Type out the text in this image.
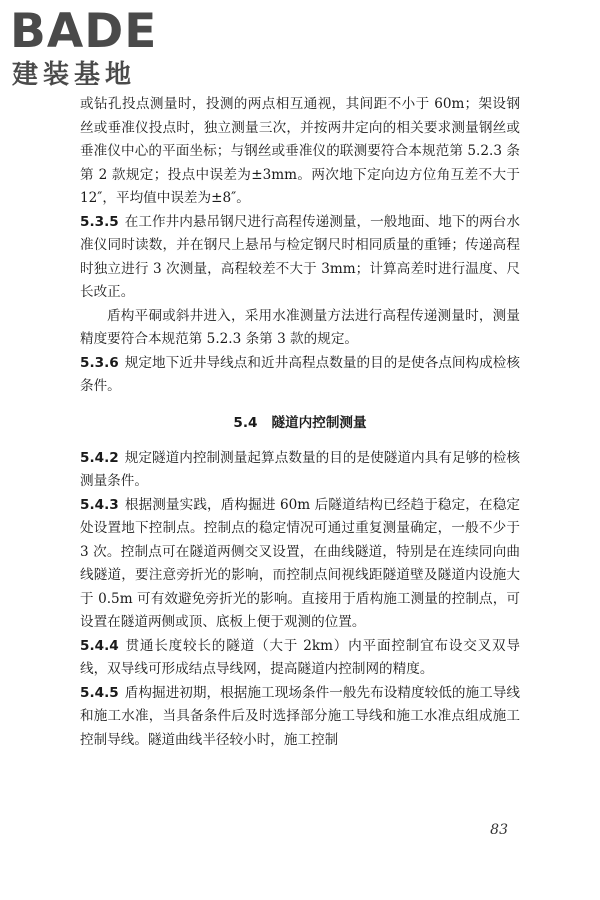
BADE
建装基地

或钻孔投点测量时，投测的两点相互通视，其间距不小于 60m；架设钢丝或垂准仪投点时，独立测量三次，并按两井定向的相关要求测量钢丝或垂准仪中心的平面坐标；与钢丝或垂准仪的联测要符合本规范第 5.2.3 条第 2 款规定；投点中误差为±3mm。两次地下定向边方位角互差不大于 12″，平均值中误差为±8″。

5.3.5 在工作井内悬吊钢尺进行高程传递测量，一般地面、地下的两台水准仪同时读数，并在钢尺上悬吊与检定钢尺时相同质量的重锤；传递高程时独立进行 3 次测量，高程较差不大于 3mm；计算高差时进行温度、尺长改正。

盾构平硐或斜井进入，采用水准测量方法进行高程传递测量时，测量精度要符合本规范第 5.2.3 条第 3 款的规定。

5.3.6 规定地下近井导线点和近井高程点数量的目的是使各点间构成检核条件。

5.4 隧道内控制测量

5.4.2 规定隧道内控制测量起算点数量的目的是使隧道内具有足够的检核测量条件。

5.4.3 根据测量实践，盾构掘进 60m 后隧道结构已经趋于稳定，在稳定处设置地下控制点。控制点的稳定情况可通过重复测量确定，一般不少于 3 次。控制点可在隧道两侧交叉设置，在曲线隧道，特别是在连续同向曲线隧道，要注意旁折光的影响，而控制点间视线距隧道壁及隧道内设施大于 0.5m 可有效避免旁折光的影响。直接用于盾构施工测量的控制点，可设置在隧道两侧或顶、底板上便于观测的位置。

5.4.4 贯通长度较长的隧道（大于 2km）内平面控制宜布设交叉双导线，双导线可形成结点导线网，提高隧道内控制网的精度。

5.4.5 盾构掘进初期，根据施工现场条件一般先布设精度较低的施工导线和施工水准，当具备条件后及时选择部分施工导线和施工水准点组成施工控制导线。隧道曲线半径较小时，施工控制

83
